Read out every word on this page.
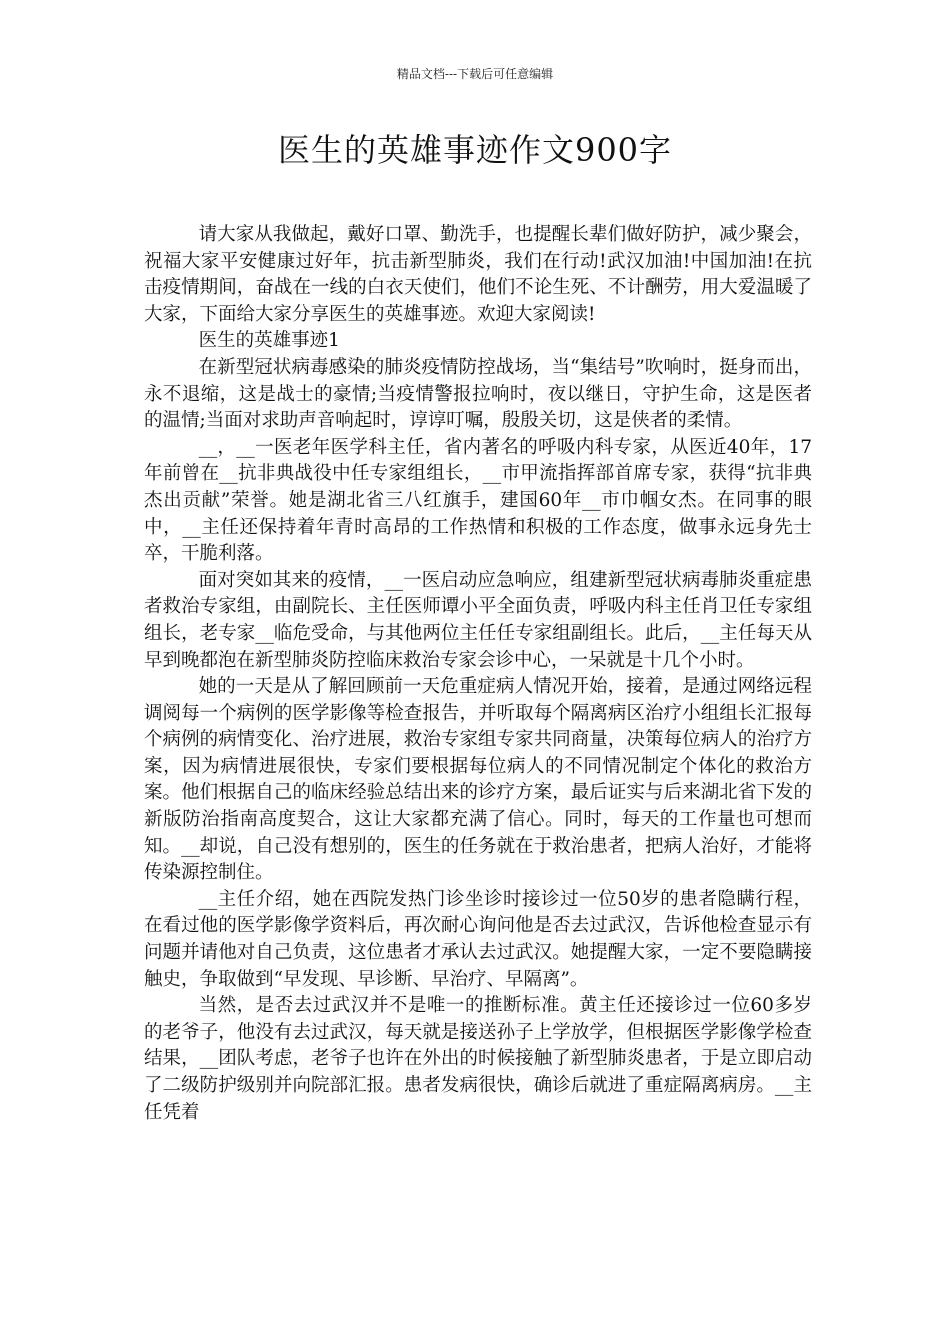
精品文档---下载后可任意编辑
医生的英雄事迹作文900字

请大家从我做起，戴好口罩、勤洗手，也提醒长辈们做好防护，减少聚会，祝福大家平安健康过好年，抗击新型肺炎，我们在行动!武汉加油!中国加油!在抗击疫情期间，奋战在一线的白衣天使们，他们不论生死、不计酬劳，用大爱温暖了大家，下面给大家分享医生的英雄事迹。欢迎大家阅读!

医生的英雄事迹1

在新型冠状病毒感染的肺炎疫情防控战场，当“集结号”吹响时，挺身而出，永不退缩，这是战士的豪情;当疫情警报拉响时，夜以继日，守护生命，这是医者的温情;当面对求助声音响起时，谆谆叮嘱，殷殷关切，这是侠者的柔情。

__，__一医老年医学科主任，省内著名的呼吸内科专家，从医近40年，17年前曾在__抗非典战役中任专家组组长，__市甲流指挥部首席专家，获得“抗非典杰出贡献”荣誉。她是湖北省三八红旗手，建国60年__市巾帼女杰。在同事的眼中，__主任还保持着年青时高昂的工作热情和积极的工作态度，做事永远身先士卒，干脆利落。

面对突如其来的疫情，__一医启动应急响应，组建新型冠状病毒肺炎重症患者救治专家组，由副院长、主任医师谭小平全面负责，呼吸内科主任肖卫任专家组组长，老专家__临危受命，与其他两位主任任专家组副组长。此后，__主任每天从早到晚都泡在新型肺炎防控临床救治专家会诊中心，一呆就是十几个小时。

她的一天是从了解回顾前一天危重症病人情况开始，接着，是通过网络远程调阅每一个病例的医学影像等检查报告，并听取每个隔离病区治疗小组组长汇报每个病例的病情变化、治疗进展，救治专家组专家共同商量，决策每位病人的治疗方案，因为病情进展很快，专家们要根据每位病人的不同情况制定个体化的救治方案。他们根据自己的临床经验总结出来的诊疗方案，最后证实与后来湖北省下发的新版防治指南高度契合，这让大家都充满了信心。同时，每天的工作量也可想而知。__却说，自己没有想别的，医生的任务就在于救治患者，把病人治好，才能将传染源控制住。

__主任介绍，她在西院发热门诊坐诊时接诊过一位50岁的患者隐瞒行程，在看过他的医学影像学资料后，再次耐心询问他是否去过武汉，告诉他检查显示有问题并请他对自己负责，这位患者才承认去过武汉。她提醒大家，一定不要隐瞒接触史，争取做到“早发现、早诊断、早治疗、早隔离”。

当然，是否去过武汉并不是唯一的推断标准。黄主任还接诊过一位60多岁的老爷子，他没有去过武汉，每天就是接送孙子上学放学，但根据医学影像学检查结果，__团队考虑，老爷子也许在外出的时候接触了新型肺炎患者，于是立即启动了二级防护级别并向院部汇报。患者发病很快，确诊后就进了重症隔离病房。__主任凭着
